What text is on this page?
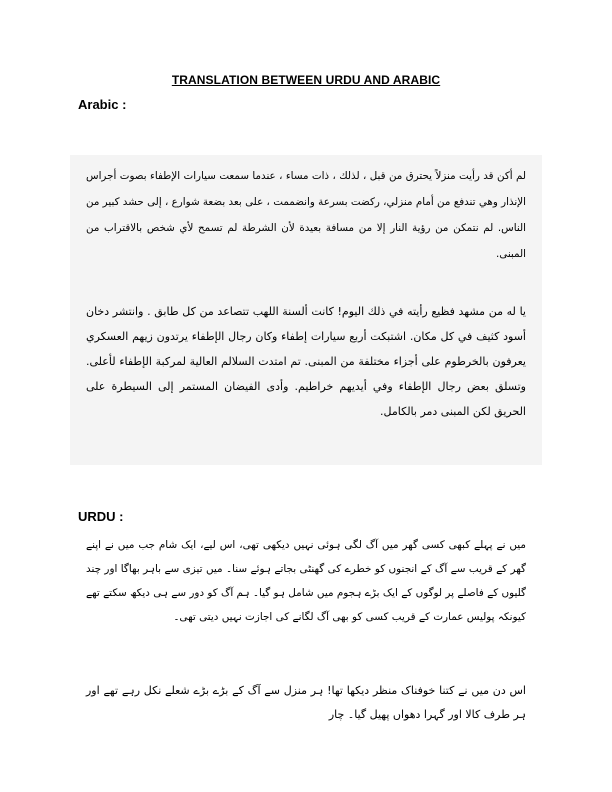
TRANSLATION BETWEEN URDU AND ARABIC
Arabic :
لم أكن قد رأيت منزلاً يحترق من قبل ، لذلك ، ذات مساء ، عندما سمعت سيارات الإطفاء بصوت أجراس الإنذار وهي تندفع من أمام منزلي، ركضت بسرعة وانضممت ، على بعد بضعة شوارع ، إلى حشد كبير من الناس. لم نتمكن من رؤية النار إلا من مسافة بعيدة لأن الشرطة لم تسمح لأي شخص بالاقتراب من المبنى.
يا له من مشهد فظيع رأيته في ذلك اليوم! كانت ألسنة اللهب تتصاعد من كل طابق . وانتشر دخان أسود كثيف في كل مكان. اشتبكت أربع سيارات إطفاء وكان رجال الإطفاء يرتدون زيهم العسكري يعرفون بالخرطوم على أجزاء مختلفة من المبنى. تم امتدت السلالم العالية لمركبة الإطفاء لأعلى. وتسلق بعض رجال الإطفاء وفي أيديهم خراطيم. وأدى الفيضان المستمر إلى السيطرة على الحريق لكن المبنى دمر بالكامل.
URDU :
میں نے پہلے کبھی کسی گھر میں آگ لگی ہوئی نہیں دیکھی تھی، اس لیے، ایک شام جب میں نے اپنے گھر کے قریب سے آگ کے انجنوں کو خطرے کی گھنٹی بجاتے ہوئے سنا۔ میں تیزی سے باہر بھاگا اور چند گلیوں کے فاصلے پر لوگوں کے ایک بڑے ہجوم میں شامل ہو گیا۔ ہم آگ کو دور سے ہی دیکھ سکتے تھے کیونکہ پولیس عمارت کے قریب کسی کو بھی آگ لگانے کی اجازت نہیں دیتی تھی۔
اس دن میں نے کتنا خوفناک منظر دیکھا تھا! ہر منزل سے آگ کے بڑے بڑے شعلے نکل رہے تھے اور ہر طرف کالا اور گہرا دھواں پھیل گیا۔ چار
